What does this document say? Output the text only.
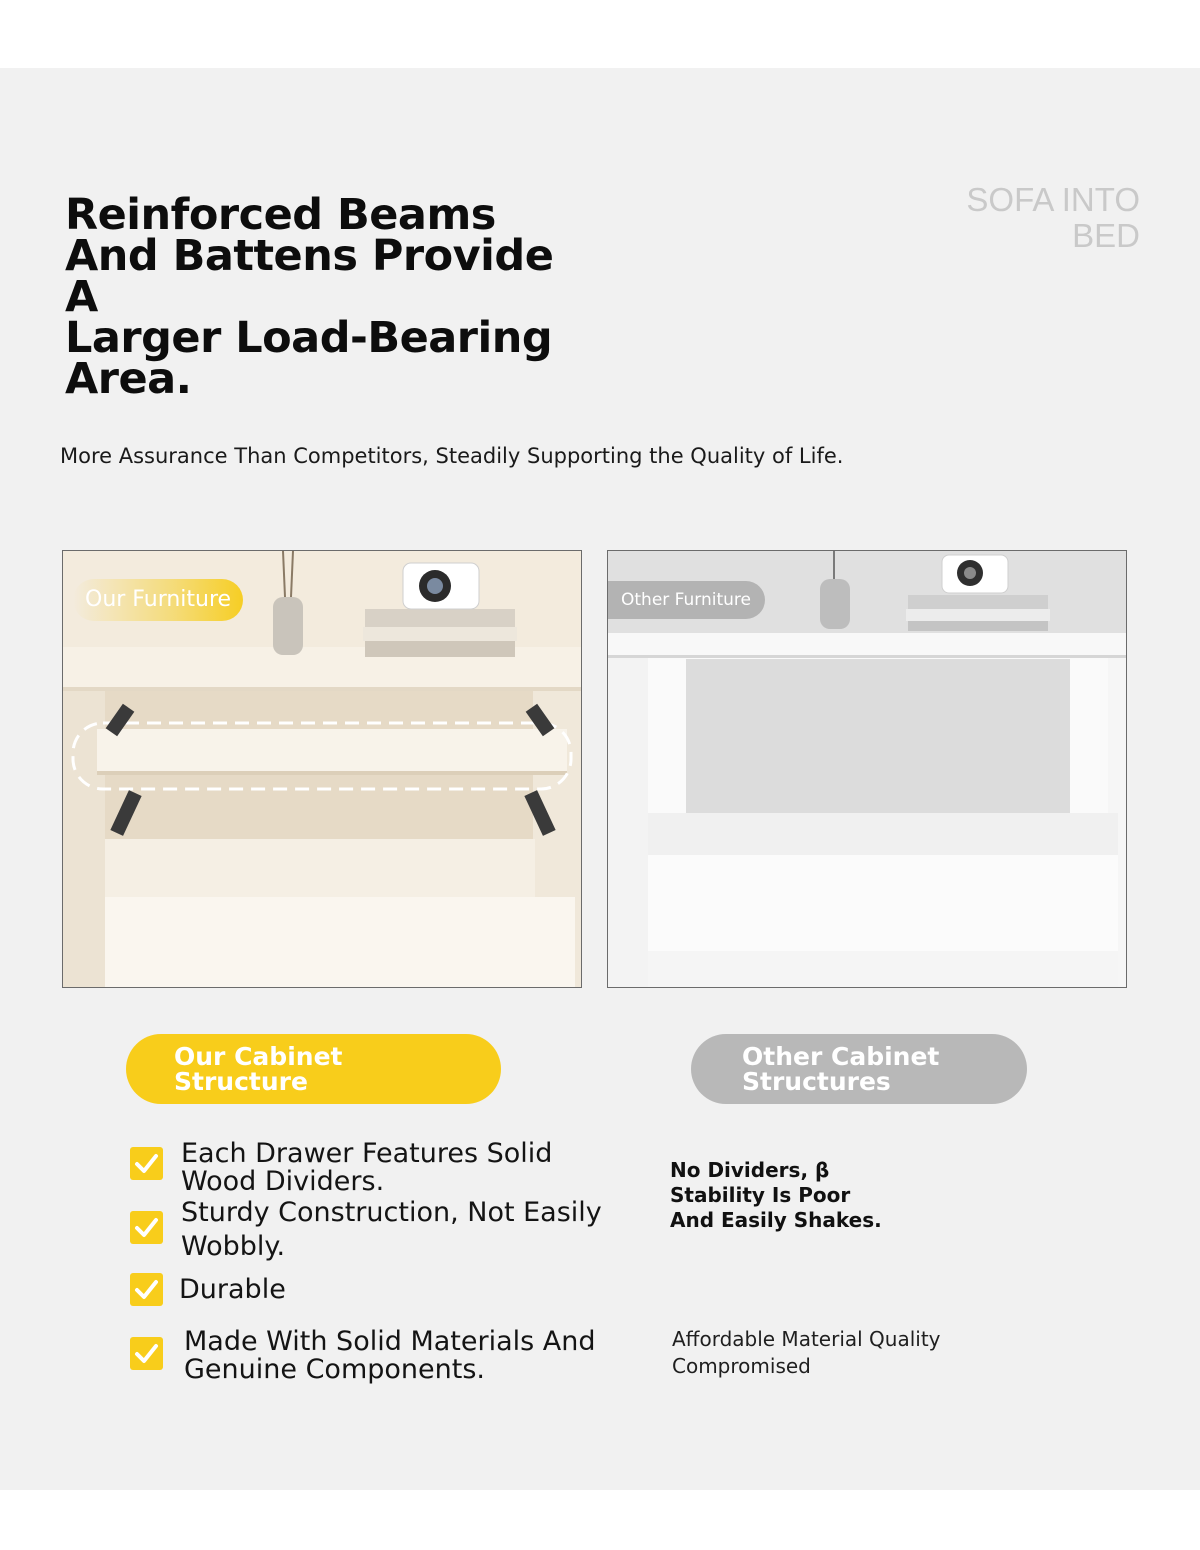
Reinforced Beams
And Battens Provide A
Larger Load-Bearing
Area.
SOFA INTO
BED
More Assurance Than Competitors, Steadily Supporting the Quality of Life.
Our Furniture	Other Furniture
Our Cabinet
Structure
Other Cabinet
Structures
Each Drawer Features Solid
Wood Dividers.
Sturdy Construction, Not Easily
Wobbly.
Durable
Made With Solid Materials And
Genuine Components.
No Dividers, β
Stability Is Poor
And Easily Shakes.
Affordable Material Quality
Compromised
